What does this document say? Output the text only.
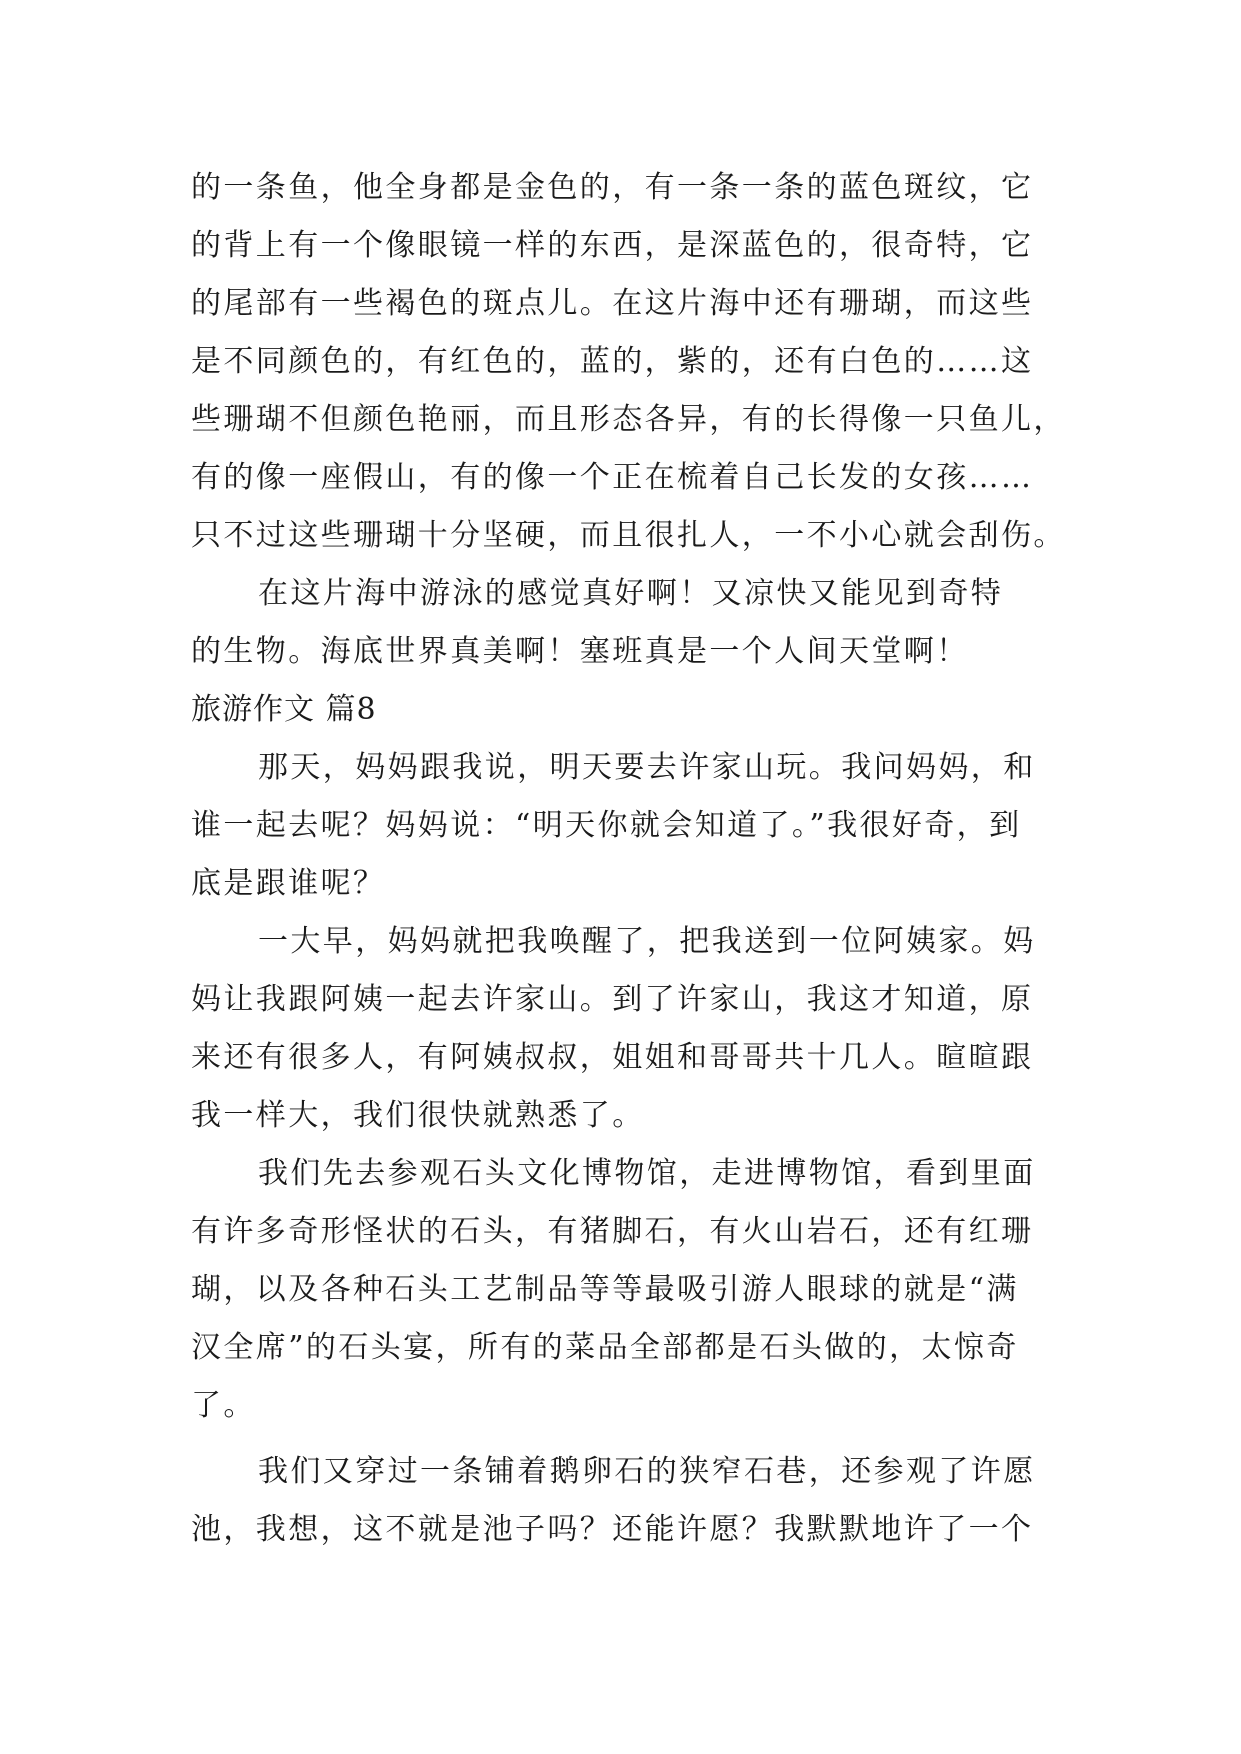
的一条鱼，他全身都是金色的，有一条一条的蓝色斑纹，它
的背上有一个像眼镜一样的东西，是深蓝色的，很奇特，它
的尾部有一些褐色的斑点儿。在这片海中还有珊瑚，而这些
是不同颜色的，有红色的，蓝的，紫的，还有白色的……这
些珊瑚不但颜色艳丽，而且形态各异，有的长得像一只鱼儿，
有的像一座假山，有的像一个正在梳着自己长发的女孩……
只不过这些珊瑚十分坚硬，而且很扎人，一不小心就会刮伤。
在这片海中游泳的感觉真好啊！又凉快又能见到奇特
的生物。海底世界真美啊！塞班真是一个人间天堂啊！
旅游作文 篇8
那天，妈妈跟我说，明天要去许家山玩。我问妈妈，和
谁一起去呢？妈妈说：“明天你就会知道了。”我很好奇，到
底是跟谁呢？
一大早，妈妈就把我唤醒了，把我送到一位阿姨家。妈
妈让我跟阿姨一起去许家山。到了许家山，我这才知道，原
来还有很多人，有阿姨叔叔，姐姐和哥哥共十几人。暄暄跟
我一样大，我们很快就熟悉了。
我们先去参观石头文化博物馆，走进博物馆，看到里面
有许多奇形怪状的石头，有猪脚石，有火山岩石，还有红珊
瑚，以及各种石头工艺制品等等最吸引游人眼球的就是“满
汉全席”的石头宴，所有的菜品全部都是石头做的，太惊奇
了。
我们又穿过一条铺着鹅卵石的狭窄石巷，还参观了许愿
池，我想，这不就是池子吗？还能许愿？我默默地许了一个
